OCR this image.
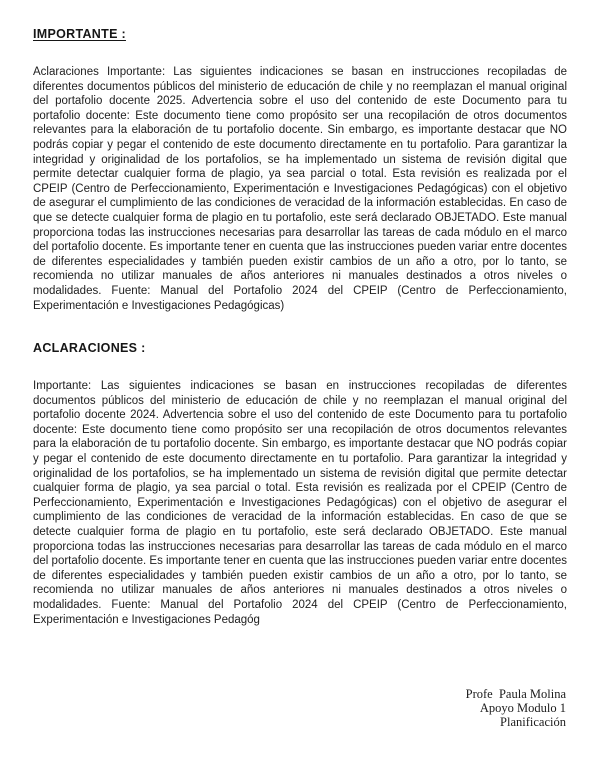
IMPORTANTE :

Aclaraciones Importante: Las siguientes indicaciones se basan en instrucciones recopiladas de diferentes documentos públicos del ministerio de educación de chile y no reemplazan el manual original del portafolio docente 2025. Advertencia sobre el uso del contenido de este Documento para tu portafolio docente: Este documento tiene como propósito ser una recopilación de otros documentos relevantes para la elaboración de tu portafolio docente. Sin embargo, es importante destacar que NO podrás copiar y pegar el contenido de este documento directamente en tu portafolio. Para garantizar la integridad y originalidad de los portafolios, se ha implementado un sistema de revisión digital que permite detectar cualquier forma de plagio, ya sea parcial o total. Esta revisión es realizada por el CPEIP (Centro de Perfeccionamiento, Experimentación e Investigaciones Pedagógicas) con el objetivo de asegurar el cumplimiento de las condiciones de veracidad de la información establecidas. En caso de que se detecte cualquier forma de plagio en tu portafolio, este será declarado OBJETADO. Este manual proporciona todas las instrucciones necesarias para desarrollar las tareas de cada módulo en el marco del portafolio docente. Es importante tener en cuenta que las instrucciones pueden variar entre docentes de diferentes especialidades y también pueden existir cambios de un año a otro, por lo tanto, se recomienda no utilizar manuales de años anteriores ni manuales destinados a otros niveles o modalidades. Fuente: Manual del Portafolio 2024 del CPEIP (Centro de Perfeccionamiento, Experimentación e Investigaciones Pedagógicas)

ACLARACIONES :

Importante: Las siguientes indicaciones se basan en instrucciones recopiladas de diferentes documentos públicos del ministerio de educación de chile y no reemplazan el manual original del portafolio docente 2024. Advertencia sobre el uso del contenido de este Documento para tu portafolio docente: Este documento tiene como propósito ser una recopilación de otros documentos relevantes para la elaboración de tu portafolio docente. Sin embargo, es importante destacar que NO podrás copiar y pegar el contenido de este documento directamente en tu portafolio. Para garantizar la integridad y originalidad de los portafolios, se ha implementado un sistema de revisión digital que permite detectar cualquier forma de plagio, ya sea parcial o total. Esta revisión es realizada por el CPEIP (Centro de Perfeccionamiento, Experimentación e Investigaciones Pedagógicas) con el objetivo de asegurar el cumplimiento de las condiciones de veracidad de la información establecidas. En caso de que se detecte cualquier forma de plagio en tu portafolio, este será declarado OBJETADO. Este manual proporciona todas las instrucciones necesarias para desarrollar las tareas de cada módulo en el marco del portafolio docente. Es importante tener en cuenta que las instrucciones pueden variar entre docentes de diferentes especialidades y también pueden existir cambios de un año a otro, por lo tanto, se recomienda no utilizar manuales de años anteriores ni manuales destinados a otros niveles o modalidades. Fuente: Manual del Portafolio 2024 del CPEIP (Centro de Perfeccionamiento, Experimentación e Investigaciones Pedagóg

Profe  Paula Molina
Apoyo Modulo 1
Planificación
